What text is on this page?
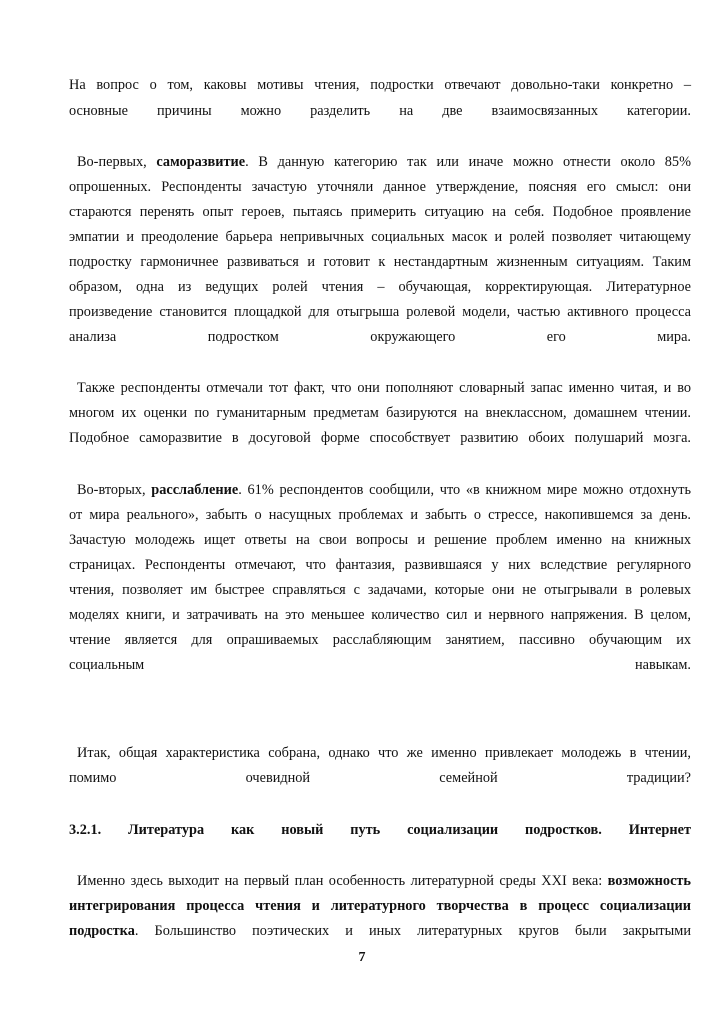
На вопрос о том, каковы мотивы чтения, подростки отвечают довольно-таки конкретно –
основные причины можно разделить на две взаимосвязанных категории.
Во-первых, саморазвитие. В данную категорию так или иначе можно отнести около 85%
опрошенных. Респонденты зачастую уточняли данное утверждение, поясняя его смысл: они
стараются перенять опыт героев, пытаясь примерить ситуацию на себя. Подобное проявление
эмпатии и преодоление барьера непривычных социальных масок и ролей позволяет читающему
подростку гармоничнее развиваться и готовит к нестандартным жизненным ситуациям. Таким
образом, одна из ведущих ролей чтения – обучающая, корректирующая. Литературное
произведение становится площадкой для отыгрыша ролевой модели, частью активного процесса
анализа подростком окружающего его мира.
Также респонденты отмечали тот факт, что они пополняют словарный запас именно читая, и во
многом их оценки по гуманитарным предметам базируются на внеклассном, домашнем чтении.
Подобное саморазвитие в досуговой форме способствует развитию обоих полушарий мозга.
Во-вторых, расслабление. 61% респондентов сообщили, что «в книжном мире можно отдохнуть
от мира реального», забыть о насущных проблемах и забыть о стрессе, накопившемся за день.
Зачастую молодежь ищет ответы на свои вопросы и решение проблем именно на книжных
страницах. Респонденты отмечают, что фантазия, развившаяся у них вследствие регулярного
чтения, позволяет им быстрее справляться с задачами, которые они не отыгрывали в ролевых
моделях книги, и затрачивать на это меньшее количество сил и нервного напряжения. В целом,
чтение является для опрашиваемых расслабляющим занятием, пассивно обучающим их
социальным навыкам.
Итак, общая характеристика собрана, однако что же именно привлекает молодежь в чтении,
помимо очевидной семейной традиции?
3.2.1. Литература как новый путь социализации подростков. Интернет
Именно здесь выходит на первый план особенность литературной среды XXI века: возможность
интегрирования процесса чтения и литературного творчества в процесс социализации
подростка. Большинство поэтических и иных литературных кругов были закрытыми
7
